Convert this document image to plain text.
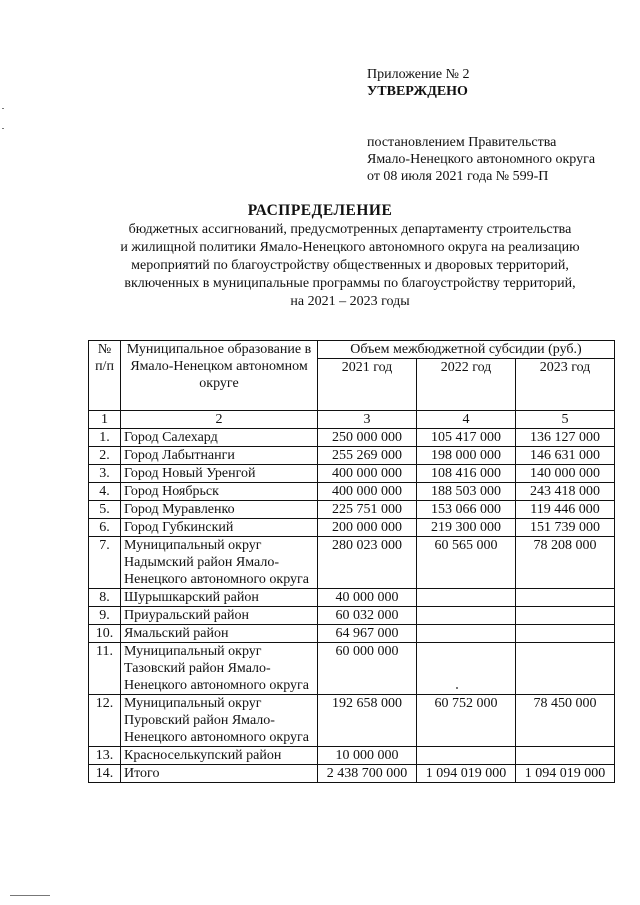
Приложение № 2
УТВЕРЖДЕНО
постановлением Правительства
Ямало-Ненецкого автономного округа
от 08 июля 2021 года № 599-П
РАСПРЕДЕЛЕНИЕ
бюджетных ассигнований, предусмотренных департаменту строительства
и жилищной политики Ямало-Ненецкого автономного округа на реализацию
мероприятий по благоустройству общественных и дворовых территорий,
включенных в муниципальные программы по благоустройству территорий,
на 2021 – 2023 годы
№ п/п	Муниципальное образование в Ямало-Ненецком автономном округе	Объем межбюджетной субсидии (руб.)		
		2021 год	2022 год	2023 год
1	2	3	4	5
1.	Город Салехард	250 000 000	105 417 000	136 127 000
2.	Город Лабытнанги	255 269 000	198 000 000	146 631 000
3.	Город Новый Уренгой	400 000 000	108 416 000	140 000 000
4.	Город Ноябрьск	400 000 000	188 503 000	243 418 000
5.	Город Муравленко	225 751 000	153 066 000	119 446 000
6.	Город Губкинский	200 000 000	219 300 000	151 739 000
7.	Муниципальный округ Надымский район Ямало-Ненецкого автономного округа	280 023 000	60 565 000	78 208 000
8.	Шурышкарский район	40 000 000		
9.	Приуральский район	60 032 000		
10.	Ямальский район	64 967 000		
11.	Муниципальный округ Тазовский район Ямало-Ненецкого автономного округа	60 000 000		
12.	Муниципальный округ Пуровский район Ямало-Ненецкого автономного округа	192 658 000	60 752 000	78 450 000
13.	Красноселькупский район	10 000 000		
14.	Итого	2 438 700 000	1 094 019 000	1 094 019 000
